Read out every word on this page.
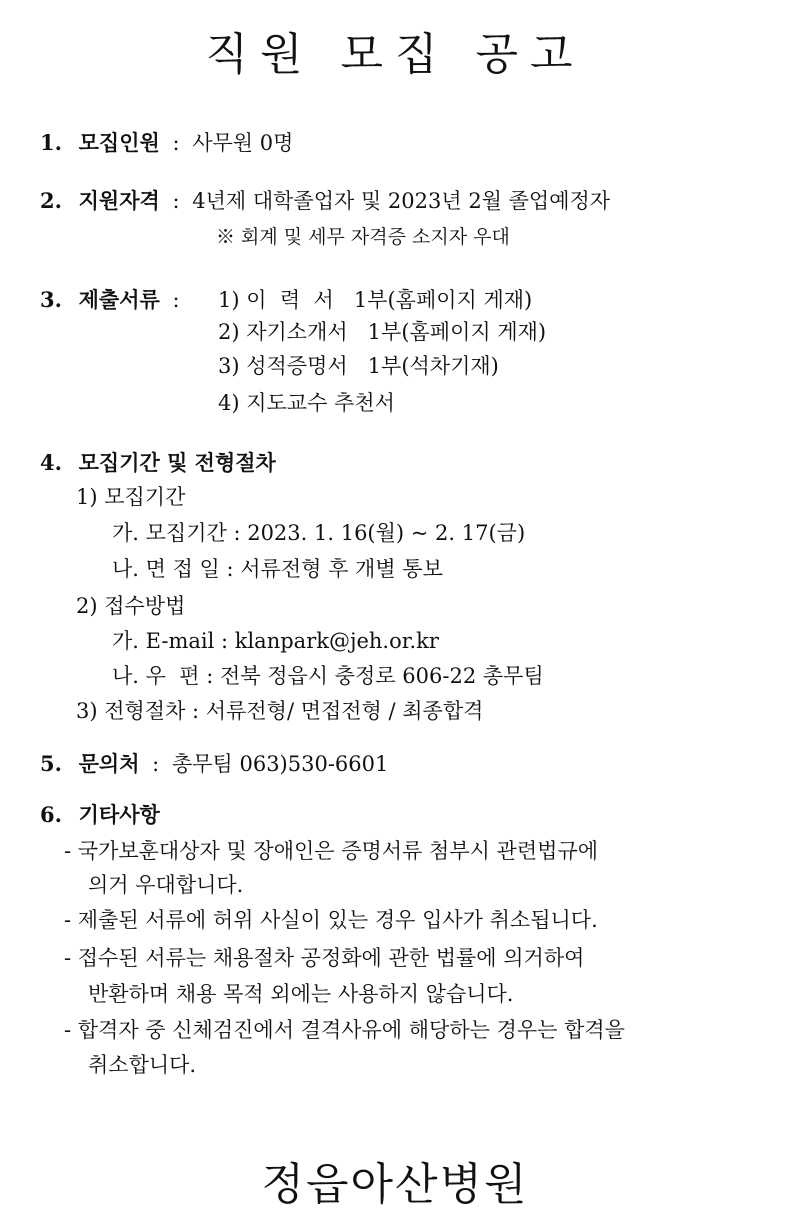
직원 모집 공고
1. 모집인원 : 사무원 0명
2. 지원자격 : 4년제 대학졸업자 및 2023년 2월 졸업예정자
※ 회계 및 세무 자격증 소지자 우대
3. 제출서류 : 1) 이  력  서   1부(홈페이지 게재)
2) 자기소개서   1부(홈페이지 게재)
3) 성적증명서   1부(석차기재)
4) 지도교수 추천서
4. 모집기간 및 전형절차
1) 모집기간
가. 모집기간 : 2023. 1. 16(월) ~ 2. 17(금)
나. 면 접 일 : 서류전형 후 개별 통보
2) 접수방법
가. E-mail : klanpark@jeh.or.kr
나. 우  편 : 전북 정읍시 충정로 606-22 총무팀
3) 전형절차 : 서류전형/ 면접전형 / 최종합격
5. 문의처 : 총무팀 063)530-6601
6. 기타사항
- 국가보훈대상자 및 장애인은 증명서류 첨부시 관련법규에
의거 우대합니다.
- 제출된 서류에 허위 사실이 있는 경우 입사가 취소됩니다.
- 접수된 서류는 채용절차 공정화에 관한 법률에 의거하여
반환하며 채용 목적 외에는 사용하지 않습니다.
- 합격자 중 신체검진에서 결격사유에 해당하는 경우는 합격을
취소합니다.
정읍아산병원
